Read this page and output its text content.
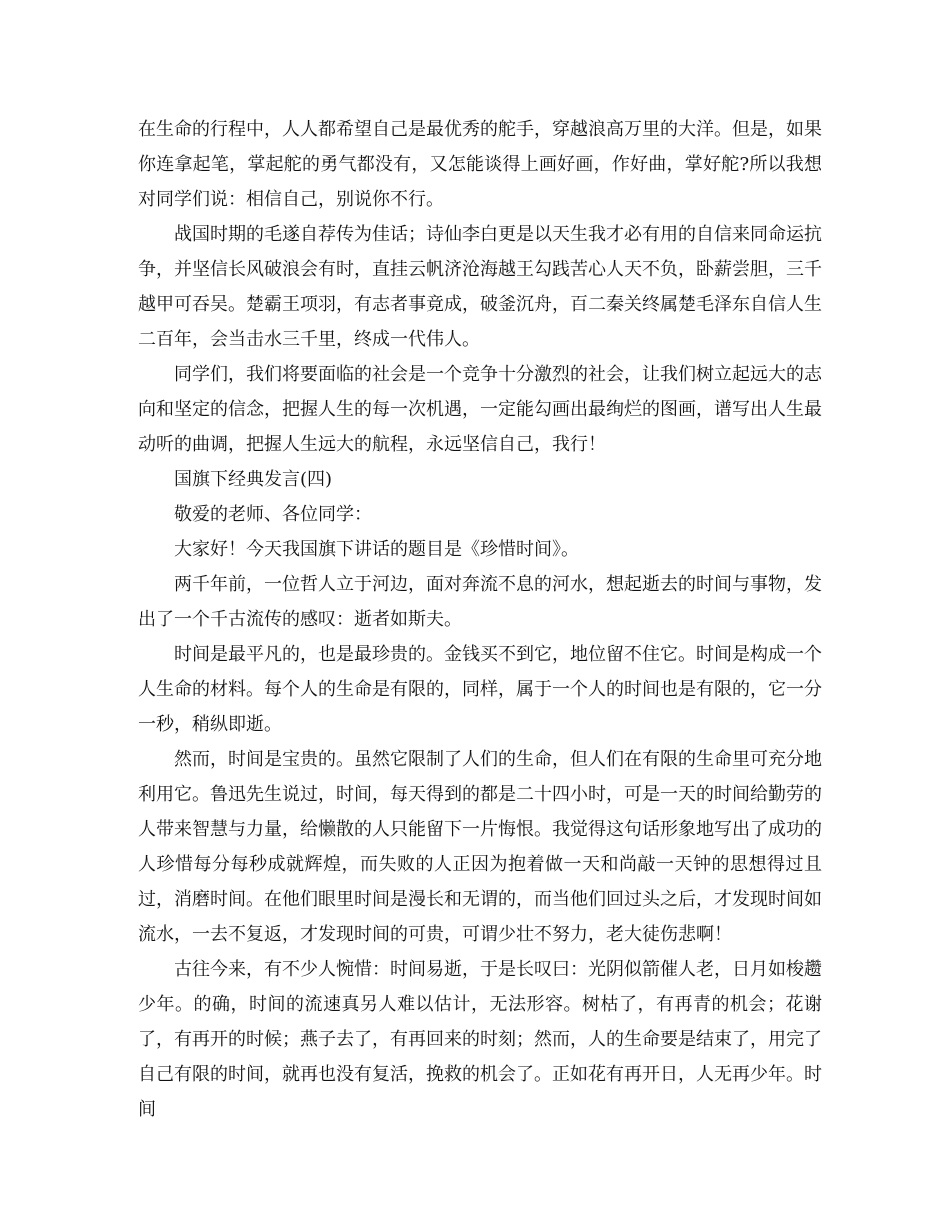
在生命的行程中，人人都希望自己是最优秀的舵手，穿越浪高万里的大洋。但是，如果你连拿起笔，掌起舵的勇气都没有，又怎能谈得上画好画，作好曲，掌好舵?所以我想对同学们说：相信自己，别说你不行。

战国时期的毛遂自荐传为佳话；诗仙李白更是以天生我才必有用的自信来同命运抗争，并坚信长风破浪会有时，直挂云帆济沧海越王勾践苦心人天不负，卧薪尝胆，三千越甲可吞吴。楚霸王项羽，有志者事竟成，破釜沉舟，百二秦关终属楚毛泽东自信人生二百年，会当击水三千里，终成一代伟人。

同学们，我们将要面临的社会是一个竞争十分激烈的社会，让我们树立起远大的志向和坚定的信念，把握人生的每一次机遇，一定能勾画出最绚烂的图画，谱写出人生最动听的曲调，把握人生远大的航程，永远坚信自己，我行！

国旗下经典发言(四)

敬爱的老师、各位同学：

大家好！今天我国旗下讲话的题目是《珍惜时间》。

两千年前，一位哲人立于河边，面对奔流不息的河水，想起逝去的时间与事物，发出了一个千古流传的感叹：逝者如斯夫。

时间是最平凡的，也是最珍贵的。金钱买不到它，地位留不住它。时间是构成一个人生命的材料。每个人的生命是有限的，同样，属于一个人的时间也是有限的，它一分一秒，稍纵即逝。

然而，时间是宝贵的。虽然它限制了人们的生命，但人们在有限的生命里可充分地利用它。鲁迅先生说过，时间，每天得到的都是二十四小时，可是一天的时间给勤劳的人带来智慧与力量，给懒散的人只能留下一片悔恨。我觉得这句话形象地写出了成功的人珍惜每分每秒成就辉煌，而失败的人正因为抱着做一天和尚敲一天钟的思想得过且过，消磨时间。在他们眼里时间是漫长和无谓的，而当他们回过头之后，才发现时间如流水，一去不复返，才发现时间的可贵，可谓少壮不努力，老大徒伤悲啊！

古往今来，有不少人惋惜：时间易逝，于是长叹曰：光阴似箭催人老，日月如梭趱少年。的确，时间的流速真另人难以估计，无法形容。树枯了，有再青的机会；花谢了，有再开的时候；燕子去了，有再回来的时刻；然而，人的生命要是结束了，用完了自己有限的时间，就再也没有复活，挽救的机会了。正如花有再开日，人无再少年。时间
